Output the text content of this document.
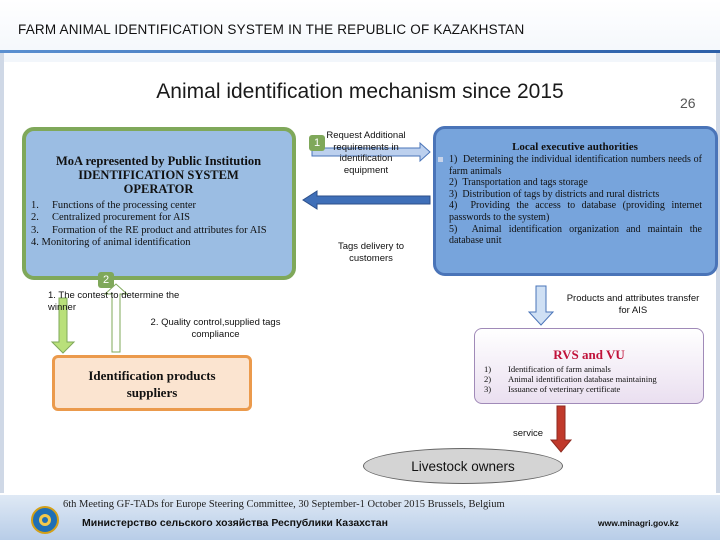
FARM ANIMAL IDENTIFICATION SYSTEM IN THE REPUBLIC OF KAZAKHSTAN
Animal identification mechanism since 2015	26
MoA represented by Public Institution
IDENTIFICATION SYSTEM
OPERATOR
1.     Functions of the processing center
2.     Centralized procurement for AIS
3.     Formation of the RE product and attributes for AIS
4. Monitoring of animal identification
Local executive authorities
1)  Determining the individual identification numbers needs of farm animals
2)  Transportation and tags storage
3)  Distribution of tags by districts and rural districts
4)  Providing the access to database (providing internet passwords to the system)
5)  Animal identification organization and maintain the database unit
1
2
Request Additional requirements in identification equipment
Tags delivery to customers
1. The contest to determine the winner
2. Quality control,supplied tags compliance
Products and attributes transfer for AIS
Identification products
suppliers
RVS and VU
1)	Identification of farm animals
2)	Animal identification database maintaining
3)	Issuance of veterinary certificate
service
Livestock owners
6th Meeting GF-TADs for Europe Steering Committee, 30 September-1 October 2015 Brussels, Belgium
Министерство сельского хозяйства Республики Казахстан	www.minagri.gov.kz
